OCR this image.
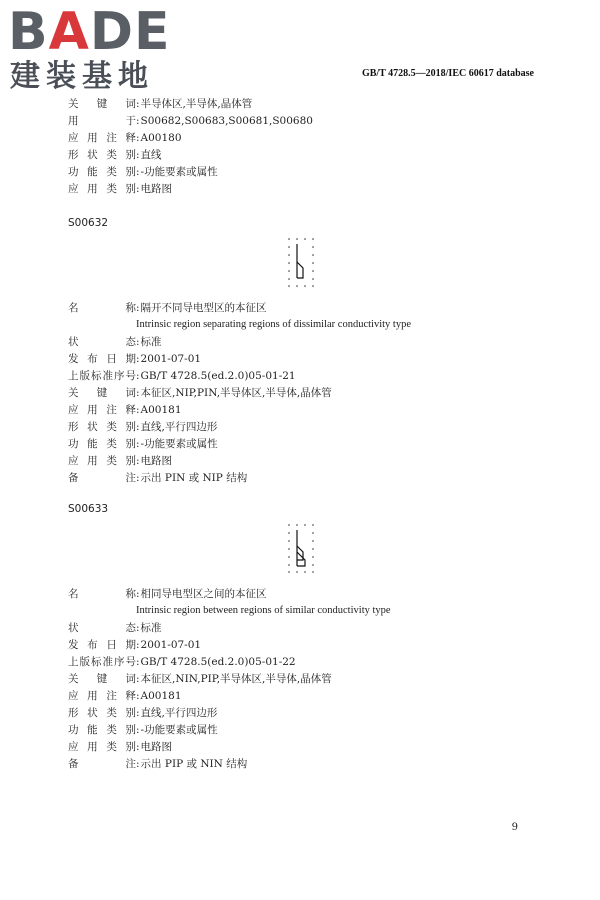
BADE
建装基地	GB/T 4728.5—2018/IEC 60617 database
关键词:半导体区,半导体,晶体管
用于:S00682,S00683,S00681,S00680
应用注释:A00180
形状类别:直线
功能类别:-功能要素或属性
应用类别:电路图
S00632
名称:隔开不同导电型区的本征区
Intrinsic region separating regions of dissimilar conductivity type
状态:标准
发布日期:2001-07-01
上版标准序号:GB/T 4728.5(ed.2.0)05-01-21
关键词:本征区,NIP,PIN,半导体区,半导体,晶体管
应用注释:A00181
形状类别:直线,平行四边形
功能类别:-功能要素或属性
应用类别:电路图
备注:示出 PIN 或 NIP 结构
S00633
名称:相同导电型区之间的本征区
Intrinsic region between regions of similar conductivity type
状态:标准
发布日期:2001-07-01
上版标准序号:GB/T 4728.5(ed.2.0)05-01-22
关键词:本征区,NIN,PIP,半导体区,半导体,晶体管
应用注释:A00181
形状类别:直线,平行四边形
功能类别:-功能要素或属性
应用类别:电路图
备注:示出 PIP 或 NIN 结构
9
